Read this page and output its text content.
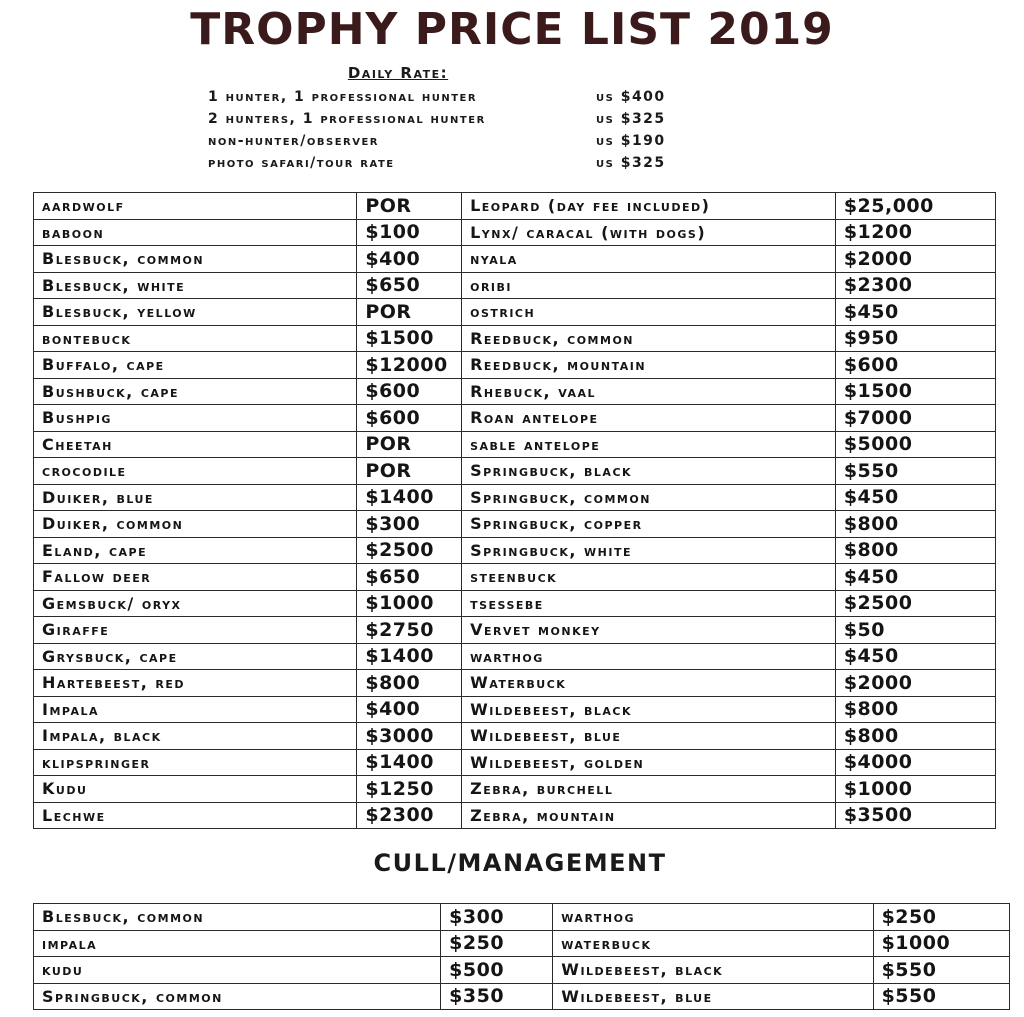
TROPHY PRICE LIST 2019
Daily Rate:
1 hunter, 1 professional hunter	us $400
2 hunters, 1 professional hunter	us $325
non-hunter/observer	us $190
photo safari/tour rate	us $325
aardwolf	POR	Leopard (day fee included)	$25,000
baboon	$100	Lynx/ caracal (with dogs)	$1200
Blesbuck, common	$400	nyala	$2000
Blesbuck, white	$650	oribi	$2300
Blesbuck, yellow	POR	ostrich	$450
bontebuck	$1500	Reedbuck, common	$950
Buffalo, cape	$12000	Reedbuck, mountain	$600
Bushbuck, cape	$600	Rhebuck, vaal	$1500
Bushpig	$600	Roan antelope	$7000
Cheetah	POR	sable antelope	$5000
crocodile	POR	Springbuck, black	$550
Duiker, blue	$1400	Springbuck, common	$450
Duiker, common	$300	Springbuck, copper	$800
Eland, cape	$2500	Springbuck, white	$800
Fallow deer	$650	steenbuck	$450
Gemsbuck/ oryx	$1000	tsessebe	$2500
Giraffe	$2750	Vervet monkey	$50
Grysbuck, cape	$1400	warthog	$450
Hartebeest, red	$800	Waterbuck	$2000
Impala	$400	Wildebeest, black	$800
Impala, black	$3000	Wildebeest, blue	$800
klipspringer	$1400	Wildebeest, golden	$4000
Kudu	$1250	Zebra, burchell	$1000
Lechwe	$2300	Zebra, mountain	$3500
CULL/MANAGEMENT
Blesbuck, common	$300	warthog	$250
impala	$250	waterbuck	$1000
kudu	$500	Wildebeest, black	$550
Springbuck, common	$350	Wildebeest, blue	$550
